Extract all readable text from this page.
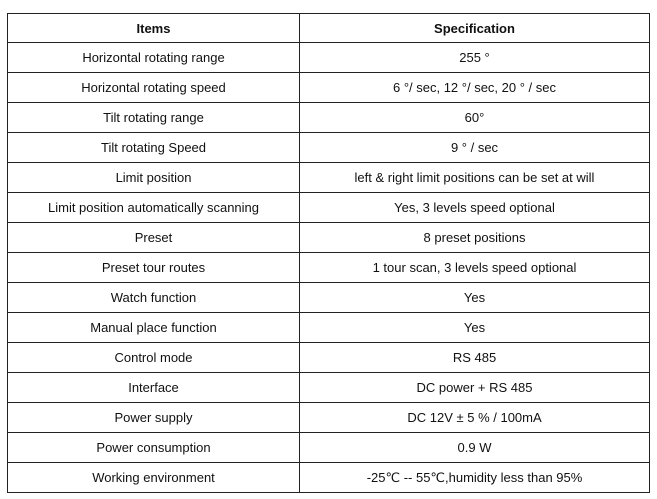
Items	Specification
Horizontal rotating range	255 °
Horizontal rotating speed	6 °/ sec, 12 °/ sec, 20 ° / sec
Tilt rotating range	60°
Tilt rotating Speed	9 ° / sec
Limit position	left & right limit positions can be set at will
Limit position automatically scanning	Yes, 3 levels speed optional
Preset	8 preset positions
Preset tour routes	1 tour scan, 3 levels speed optional
Watch function	Yes
Manual place function	Yes
Control mode	RS 485
Interface	DC power + RS 485
Power supply	DC 12V ± 5 % / 100mA
Power consumption	0.9 W
Working environment	-25℃ -- 55℃,humidity less than 95%
